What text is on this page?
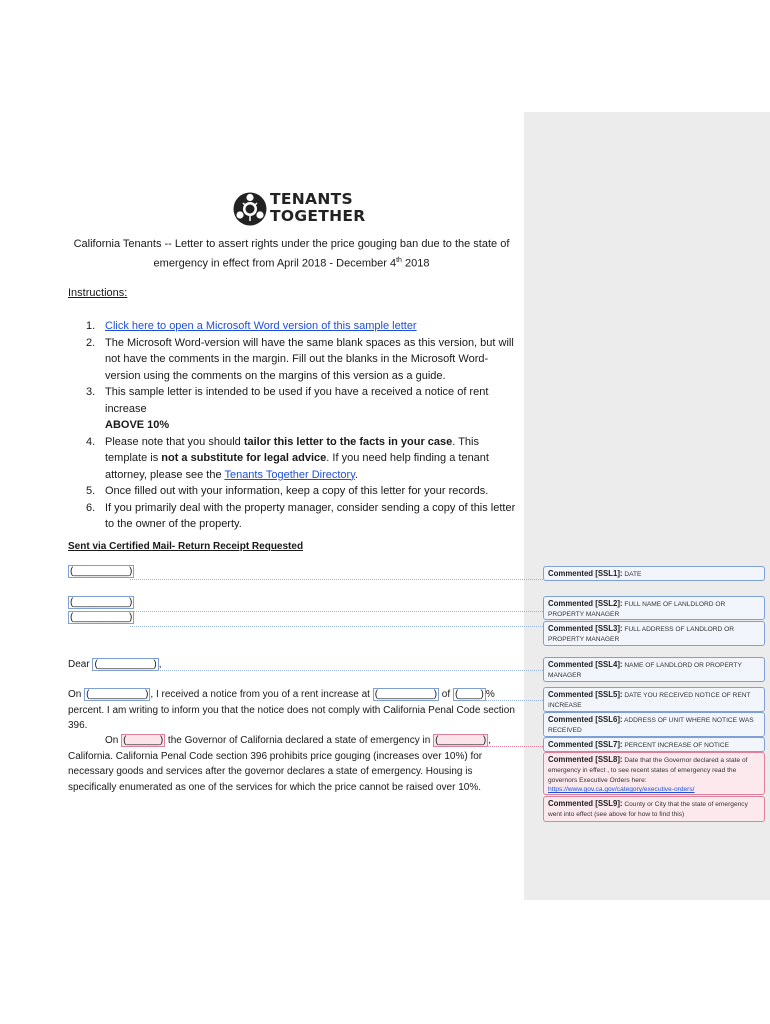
TENANTS
TOGETHER
California Tenants -- Letter to assert rights under the price gouging ban due to the state of
emergency in effect from April 2018 - December 4th 2018
Instructions:
1. Click here to open a Microsoft Word version of this sample letter
2. The Microsoft Word-version will have the same blank spaces as this version, but will not have the comments in the margin. Fill out the blanks in the Microsoft Word-version using the comments on the margins of this version as a guide.
3. This sample letter is intended to be used if you have a received a notice of rent increase
ABOVE 10%
4. Please note that you should tailor this letter to the facts in your case. This template is not a substitute for legal advice. If you need help finding a tenant attorney, please see the Tenants Together Directory.
5. Once filled out with your information, keep a copy of this letter for your records.
6. If you primarily deal with the property manager, consider sending a copy of this letter to the owner of the property.
Sent via Certified Mail- Return Receipt Requested
(__________)
(__________)
(__________)
Dear (__________) ,
On (__________) , I received a notice from you of a rent increase at (__________) of (____) % percent. I am writing to inform you that the notice does not comply with California Penal Code section 396.
On (______) the Governor of California declared a state of emergency in (________) , California. California Penal Code section 396 prohibits price gouging (increases over 10%) for necessary goods and services after the governor declares a state of emergency. Housing is specifically enumerated as one of the services for which the price cannot be raised over 10%.
Commented [SSL1]: DATE
Commented [SSL2]: FULL NAME OF LANLDLORD OR PROPERTY MANAGER
Commented [SSL3]: FULL ADDRESS OF LANDLORD OR PROPERTY MANAGER
Commented [SSL4]: NAME OF LANDLORD OR PROPERTY MANAGER
Commented [SSL5]: DATE YOU RECEIVED NOTICE OF RENT INCREASE
Commented [SSL6]: ADDRESS OF UNIT WHERE NOTICE WAS RECEIVED
Commented [SSL7]: PERCENT INCREASE OF NOTICE
Commented [SSL8]: Date that the Governor declared a state of emergency in effect , to see recent states of emergency read the governors Executive Orders here: https://www.gov.ca.gov/category/executive-orders/
Commented [SSL9]: County or City that the state of emergency went into effect (see above for how to find this)
